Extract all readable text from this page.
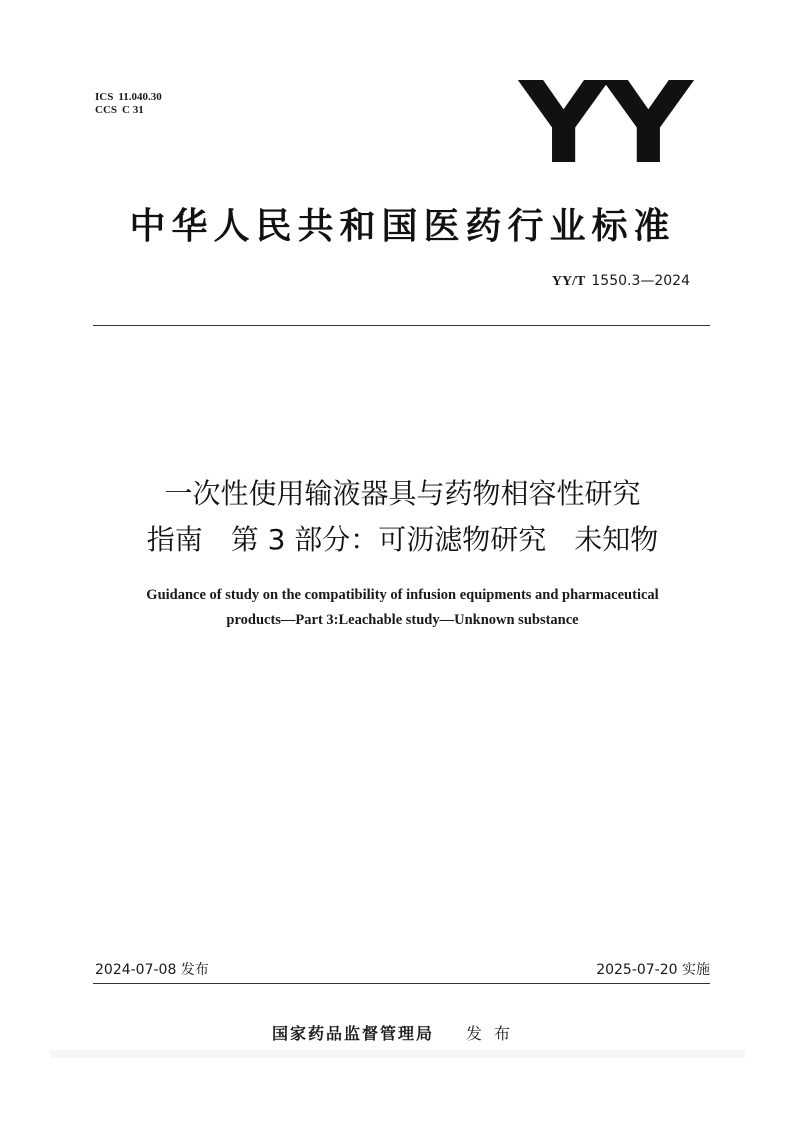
ICS 11.040.30
CCS C 31	YY
中华人民共和国医药行业标准
YY/T 1550.3—2024
一次性使用输液器具与药物相容性研究
指南　第 3 部分：可沥滤物研究　未知物
Guidance of study on the compatibility of infusion equipments and pharmaceutical
products—Part 3:Leachable study—Unknown substance
2024-07-08 发布	2025-07-20 实施
国家药品监督管理局 发布
